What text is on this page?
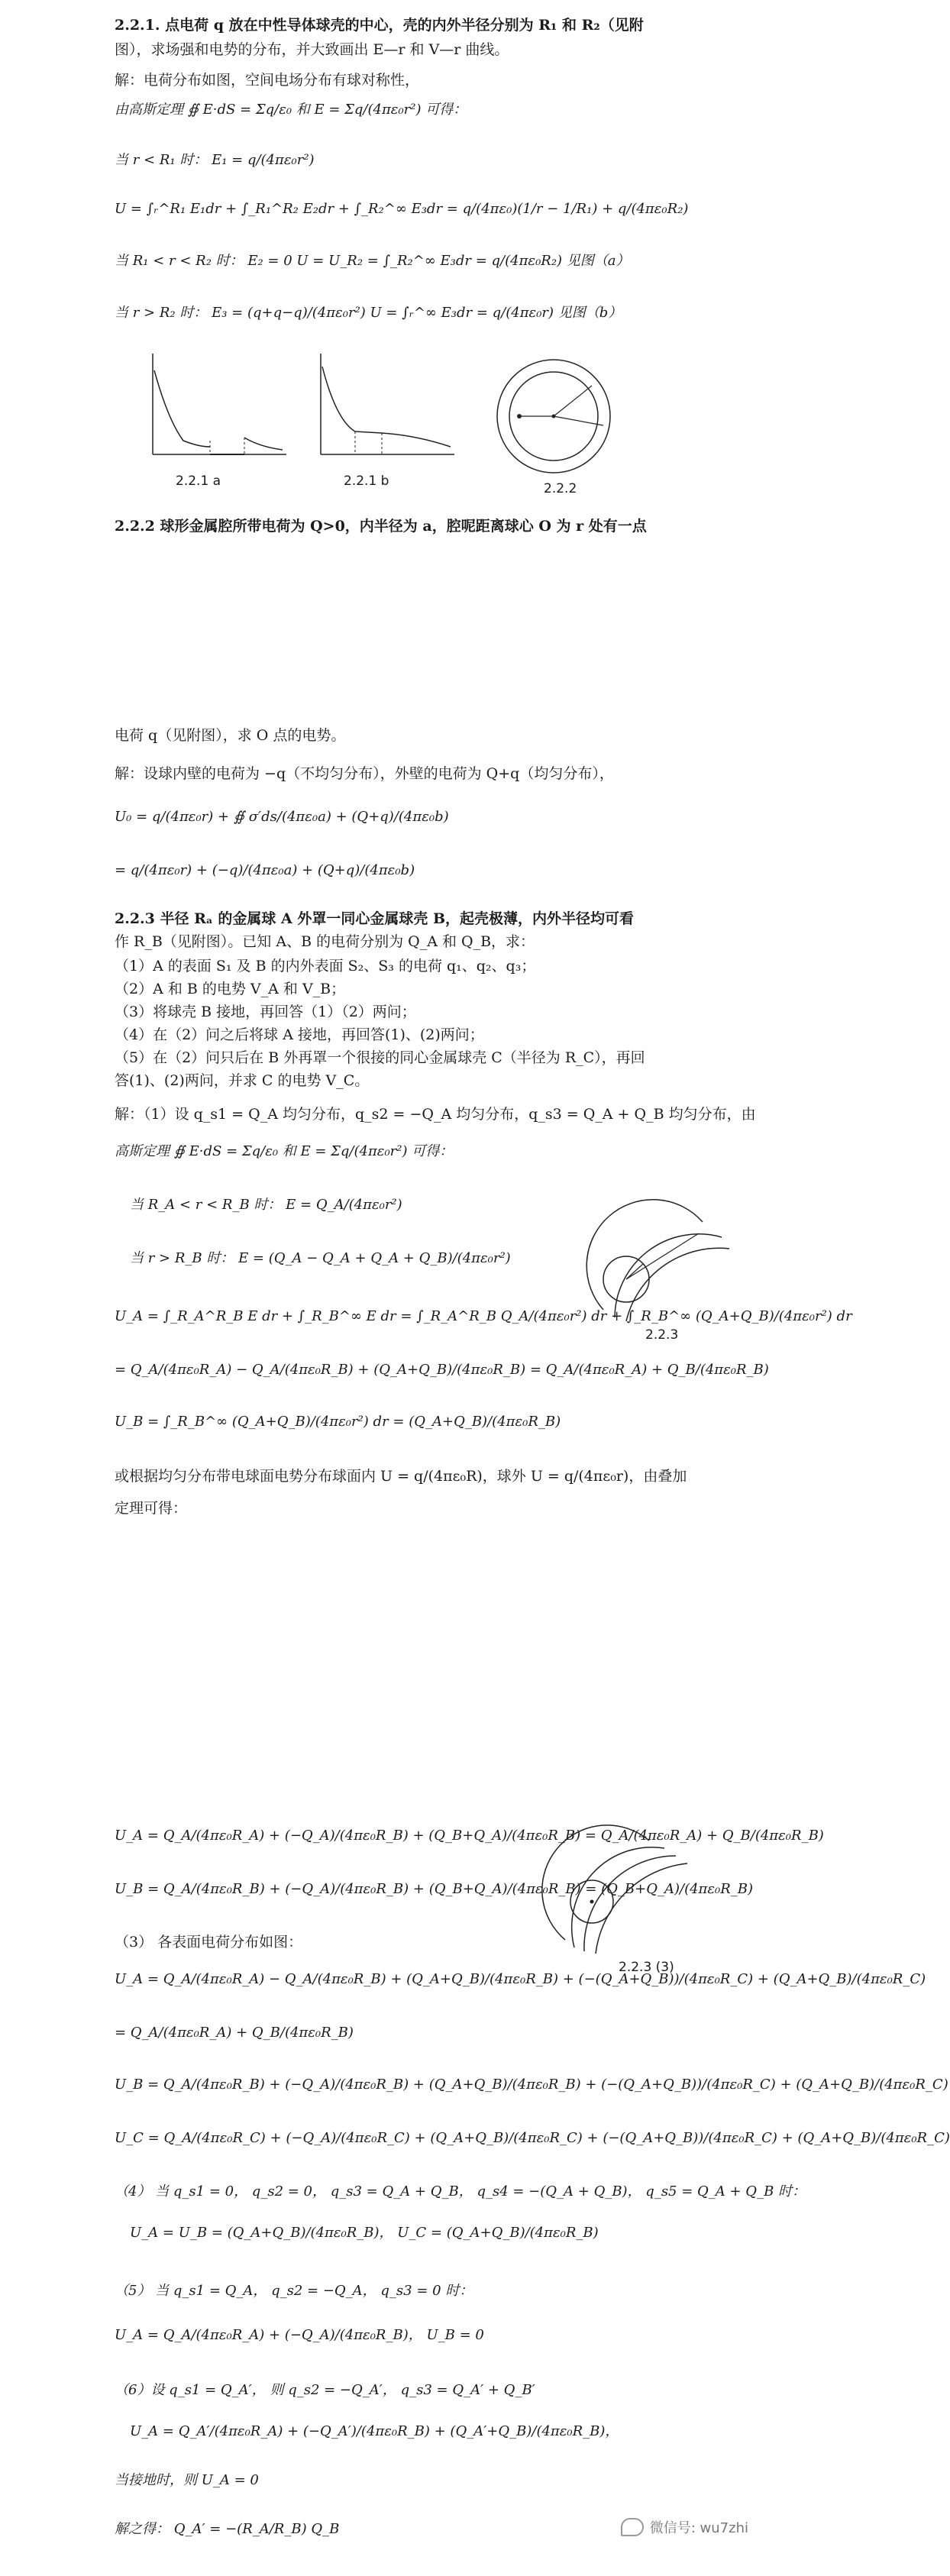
2.2.1. 点电荷 q 放在中性导体球壳的中心，壳的内外半径分别为 R₁ 和 R₂（见附
图），求场强和电势的分布，并大致画出 E—r 和 V—r 曲线。
解：电荷分布如图，空间电场分布有球对称性，
由高斯定理 ∯ E·dS = Σq/ε₀ 和 E = Σq/(4πε₀r²) 可得：
当 r < R₁ 时： E₁ = q/(4πε₀r²)
U = ∫ᵣ^R₁ E₁dr + ∫_R₁^R₂ E₂dr + ∫_R₂^∞ E₃dr = q/(4πε₀)(1/r − 1/R₁) + q/(4πε₀R₂)
当 R₁ < r < R₂ 时： E₂ = 0 U = U_R₂ = ∫_R₂^∞ E₃dr = q/(4πε₀R₂) 见图（a）
当 r > R₂ 时： E₃ = (q+q−q)/(4πε₀r²) U = ∫ᵣ^∞ E₃dr = q/(4πε₀r) 见图（b）
2.2.1 a	2.2.1 b	2.2.2
2.2.2 球形金属腔所带电荷为 Q>0，内半径为 a，腔呢距离球心 O 为 r 处有一点
电荷 q（见附图），求 O 点的电势。
解：设球内壁的电荷为 −q（不均匀分布），外壁的电荷为 Q+q（均匀分布），
U₀ = q/(4πε₀r) + ∯ σ′ds/(4πε₀a) + (Q+q)/(4πε₀b)
= q/(4πε₀r) + (−q)/(4πε₀a) + (Q+q)/(4πε₀b)
2.2.3 半径 Rₐ 的金属球 A 外罩一同心金属球壳 B，起壳极薄，内外半径均可看
作 R_B（见附图）。已知 A、B 的电荷分别为 Q_A 和 Q_B，求：
（1）A 的表面 S₁ 及 B 的内外表面 S₂、S₃ 的电荷 q₁、q₂、q₃；
（2）A 和 B 的电势 V_A 和 V_B；
（3）将球壳 B 接地，再回答（1）（2）两问；
（4）在（2）问之后将球 A 接地，再回答(1)、(2)两问；
（5）在（2）问只后在 B 外再罩一个很接的同心金属球壳 C（半径为 R_C），再回
答(1)、(2)两问，并求 C 的电势 V_C。
解：（1）设 q_s1 = Q_A 均匀分布，q_s2 = −Q_A 均匀分布，q_s3 = Q_A + Q_B 均匀分布，由
高斯定理 ∯ E·dS = Σq/ε₀ 和 E = Σq/(4πε₀r²) 可得：
当 R_A < r < R_B 时： E = Q_A/(4πε₀r²)
当 r > R_B 时： E = (Q_A − Q_A + Q_A + Q_B)/(4πε₀r²)
2.2.3
U_A = ∫_R_A^R_B E dr + ∫_R_B^∞ E dr = ∫_R_A^R_B Q_A/(4πε₀r²) dr + ∫_R_B^∞ (Q_A+Q_B)/(4πε₀r²) dr
= Q_A/(4πε₀R_A) − Q_A/(4πε₀R_B) + (Q_A+Q_B)/(4πε₀R_B) = Q_A/(4πε₀R_A) + Q_B/(4πε₀R_B)
U_B = ∫_R_B^∞ (Q_A+Q_B)/(4πε₀r²) dr = (Q_A+Q_B)/(4πε₀R_B)
或根据均匀分布带电球面电势分布球面内 U = q/(4πε₀R)，球外 U = q/(4πε₀r)，由叠加
定理可得：
U_A = Q_A/(4πε₀R_A) + (−Q_A)/(4πε₀R_B) + (Q_B+Q_A)/(4πε₀R_B) = Q_A/(4πε₀R_A) + Q_B/(4πε₀R_B)
U_B = Q_A/(4πε₀R_B) + (−Q_A)/(4πε₀R_B) + (Q_B+Q_A)/(4πε₀R_B) = (Q_B+Q_A)/(4πε₀R_B)
2.2.3 (3)
（3） 各表面电荷分布如图：
U_A = Q_A/(4πε₀R_A) − Q_A/(4πε₀R_B) + (Q_A+Q_B)/(4πε₀R_B) + (−(Q_A+Q_B))/(4πε₀R_C) + (Q_A+Q_B)/(4πε₀R_C)
= Q_A/(4πε₀R_A) + Q_B/(4πε₀R_B)
U_B = Q_A/(4πε₀R_B) + (−Q_A)/(4πε₀R_B) + (Q_A+Q_B)/(4πε₀R_B) + (−(Q_A+Q_B))/(4πε₀R_C) + (Q_A+Q_B)/(4πε₀R_C)
U_C = Q_A/(4πε₀R_C) + (−Q_A)/(4πε₀R_C) + (Q_A+Q_B)/(4πε₀R_C) + (−(Q_A+Q_B))/(4πε₀R_C) + (Q_A+Q_B)/(4πε₀R_C)
（4） 当 q_s1 = 0， q_s2 = 0， q_s3 = Q_A + Q_B， q_s4 = −(Q_A + Q_B)， q_s5 = Q_A + Q_B 时：
U_A = U_B = (Q_A+Q_B)/(4πε₀R_B)， U_C = (Q_A+Q_B)/(4πε₀R_B)
（5） 当 q_s1 = Q_A， q_s2 = −Q_A， q_s3 = 0 时：
U_A = Q_A/(4πε₀R_A) + (−Q_A)/(4πε₀R_B)， U_B = 0
（6）设 q_s1 = Q_A′， 则 q_s2 = −Q_A′， q_s3 = Q_A′ + Q_B′
U_A = Q_A′/(4πε₀R_A) + (−Q_A′)/(4πε₀R_B) + (Q_A′+Q_B)/(4πε₀R_B)，
当接地时，则 U_A = 0
解之得： Q_A′ = −(R_A/R_B) Q_B	微信号: wu7zhi
